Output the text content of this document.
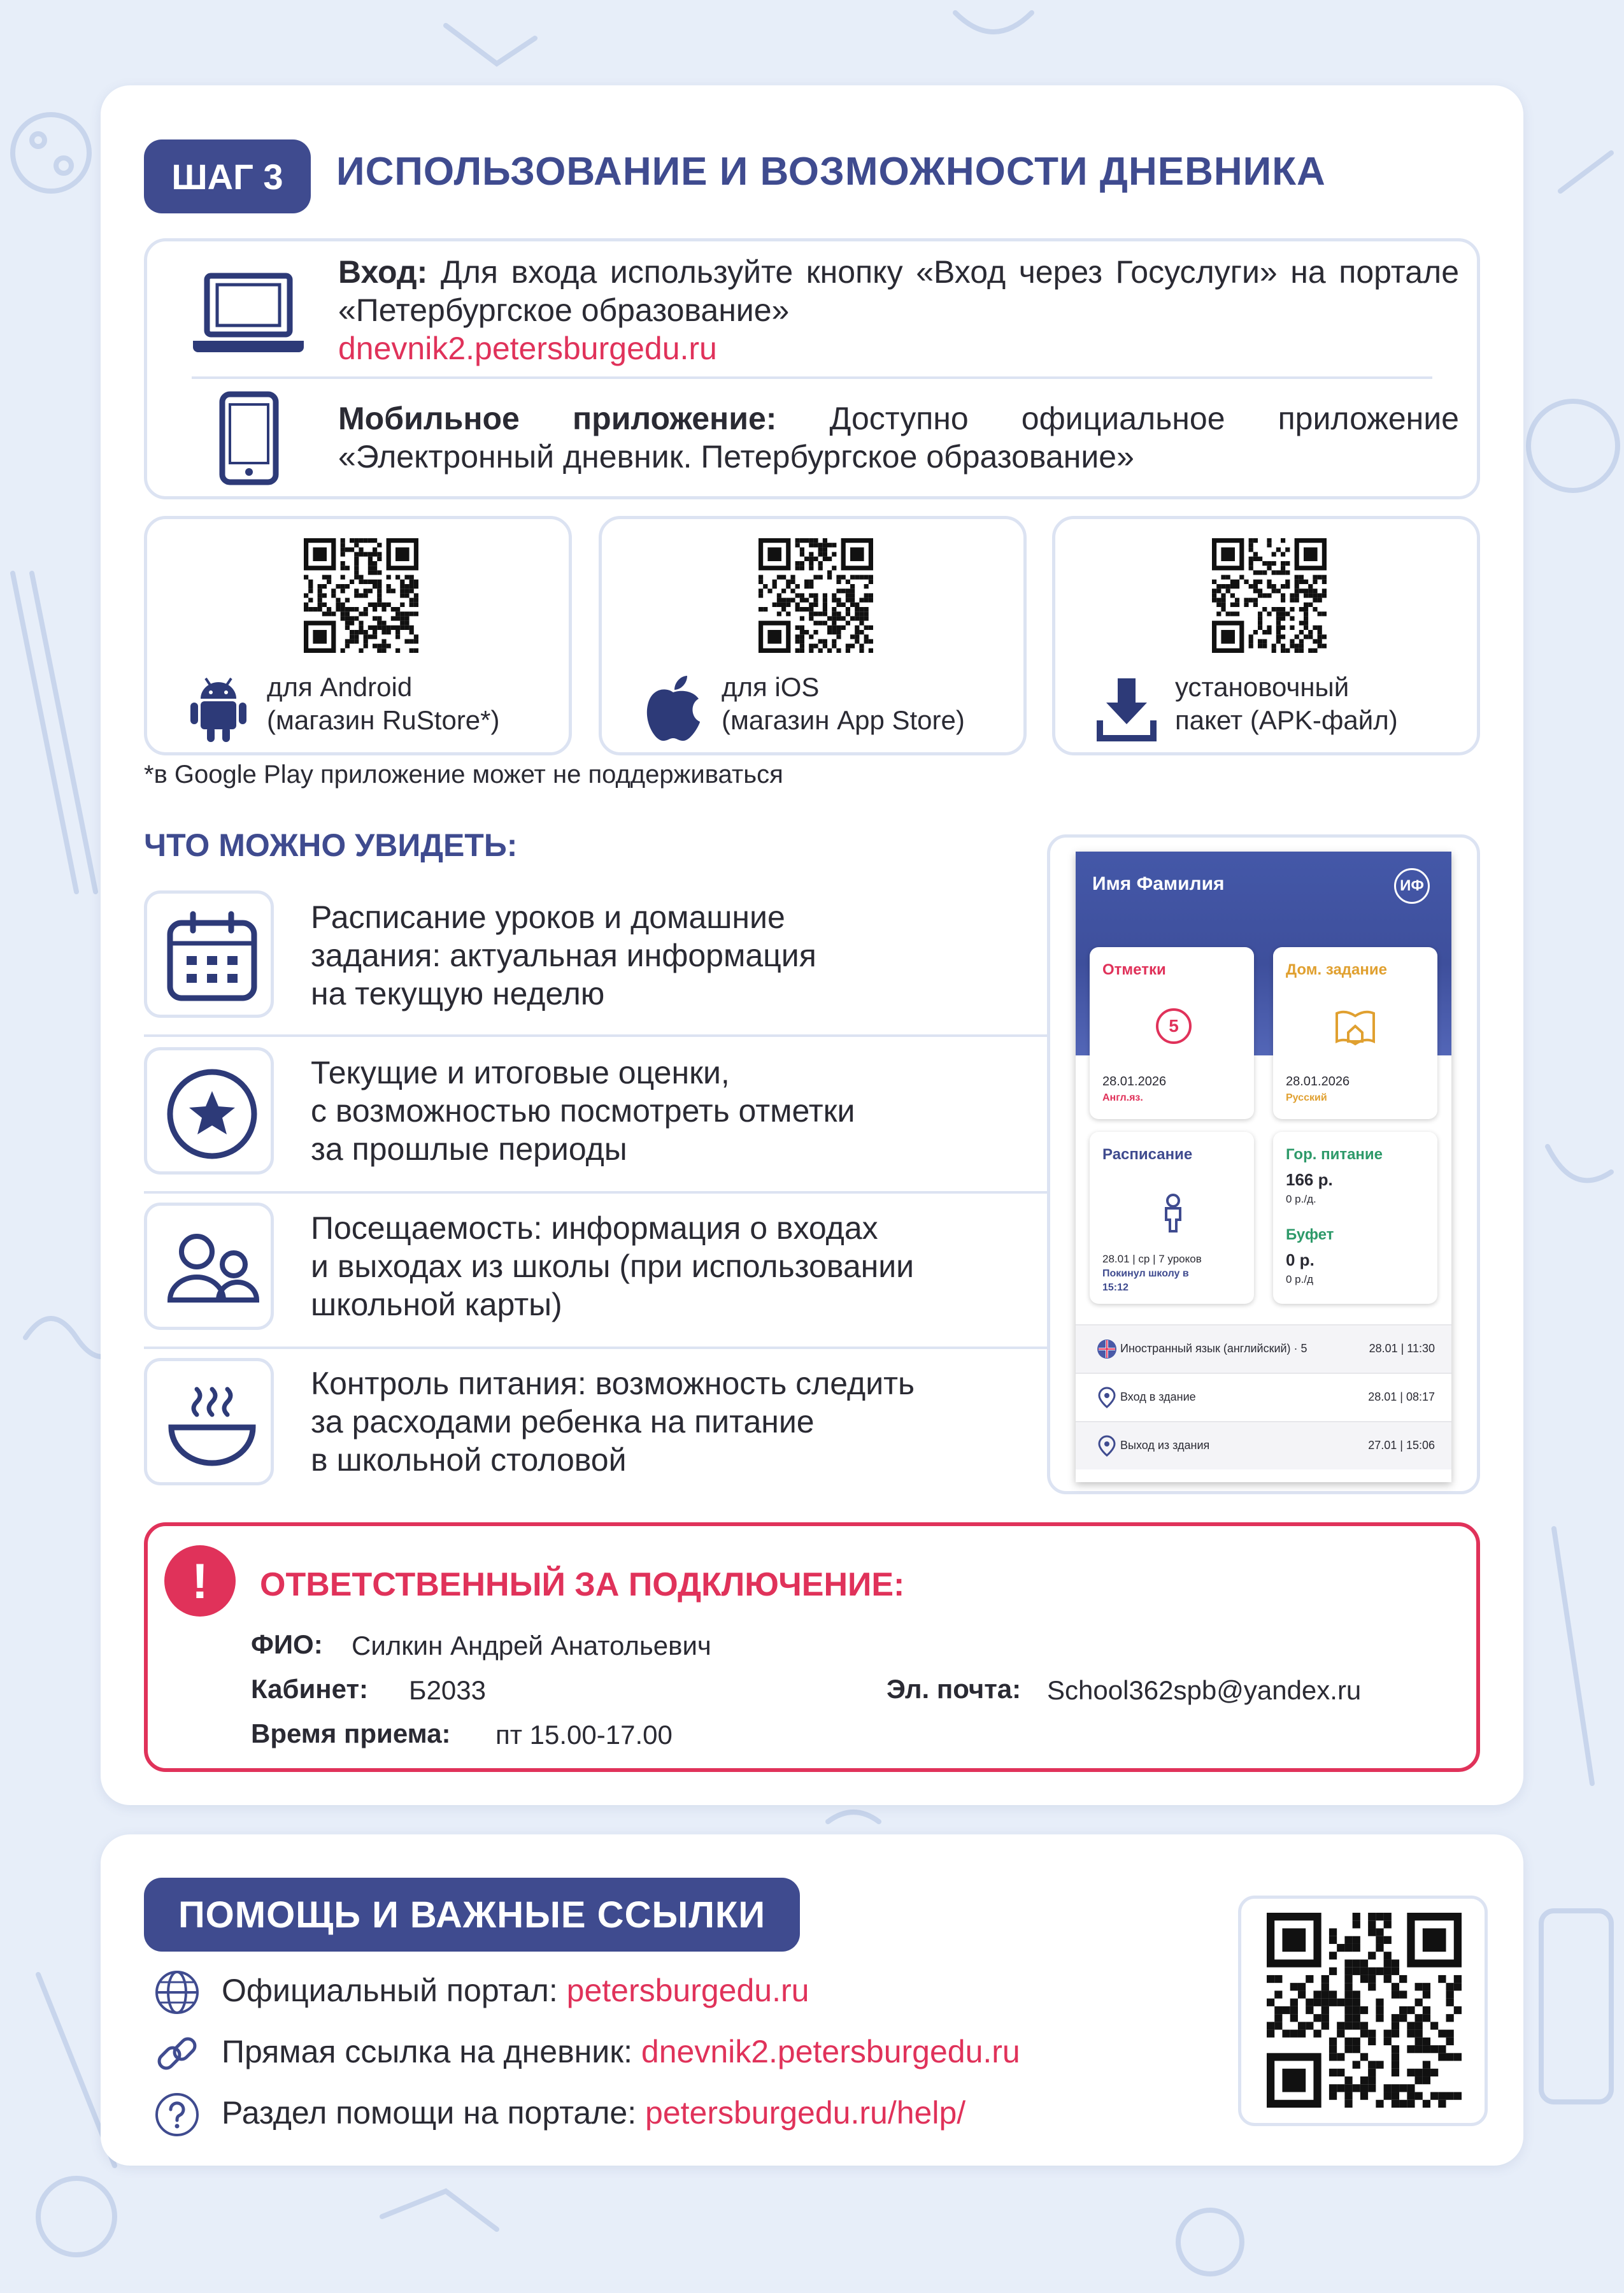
ШАГ 3	ИСПОЛЬЗОВАНИЕ И ВОЗМОЖНОСТИ ДНЕВНИКА
Вход: Для входа используйте кнопку «Вход через Госуслуги» на портале «Петербургское образование»
dnevnik2.petersburgedu.ru
Мобильное приложение: Доступно официальное приложение «Электронный дневник. Петербургское образование»
для Android
(магазин RuStore*)
для iOS
(магазин App Store)
установочный
пакет (APK-файл)
*в Google Play приложение может не поддерживаться
ЧТО МОЖНО УВИДЕТЬ:
Расписание уроков и домашние
задания: актуальная информация
на текущую неделю
Текущие и итоговые оценки,
с возможностью посмотреть отметки
за прошлые периоды
Посещаемость: информация о входах
и выходах из школы (при использовании
школьной карты)
Контроль питания: возможность следить
за расходами ребенка на питание
в школьной столовой
Имя Фамилия	ИФ
Отметки
5
28.01.2026
Англ.яз.
Дом. задание
28.01.2026
Русский
Расписание
28.01 | ср | 7 уроков
Покинул школу в
15:12
Гор. питание
166 р.
0 р./д.
Буфет
0 р.
0 р./д
Иностранный язык (английский) · 5	28.01 | 11:30
Вход в здание	28.01 | 08:17
Выход из здания	27.01 | 15:06
!	ОТВЕТСТВЕННЫЙ ЗА ПОДКЛЮЧЕНИЕ:
ФИО: Силкин Андрей Анатольевич
Кабинет: Б2033	Эл. почта: School362spb@yandex.ru
Время приема: пт 15.00-17.00
ПОМОЩЬ И ВАЖНЫЕ ССЫЛКИ
Официальный портал: petersburgedu.ru
Прямая ссылка на дневник: dnevnik2.petersburgedu.ru
Раздел помощи на портале: petersburgedu.ru/help/
